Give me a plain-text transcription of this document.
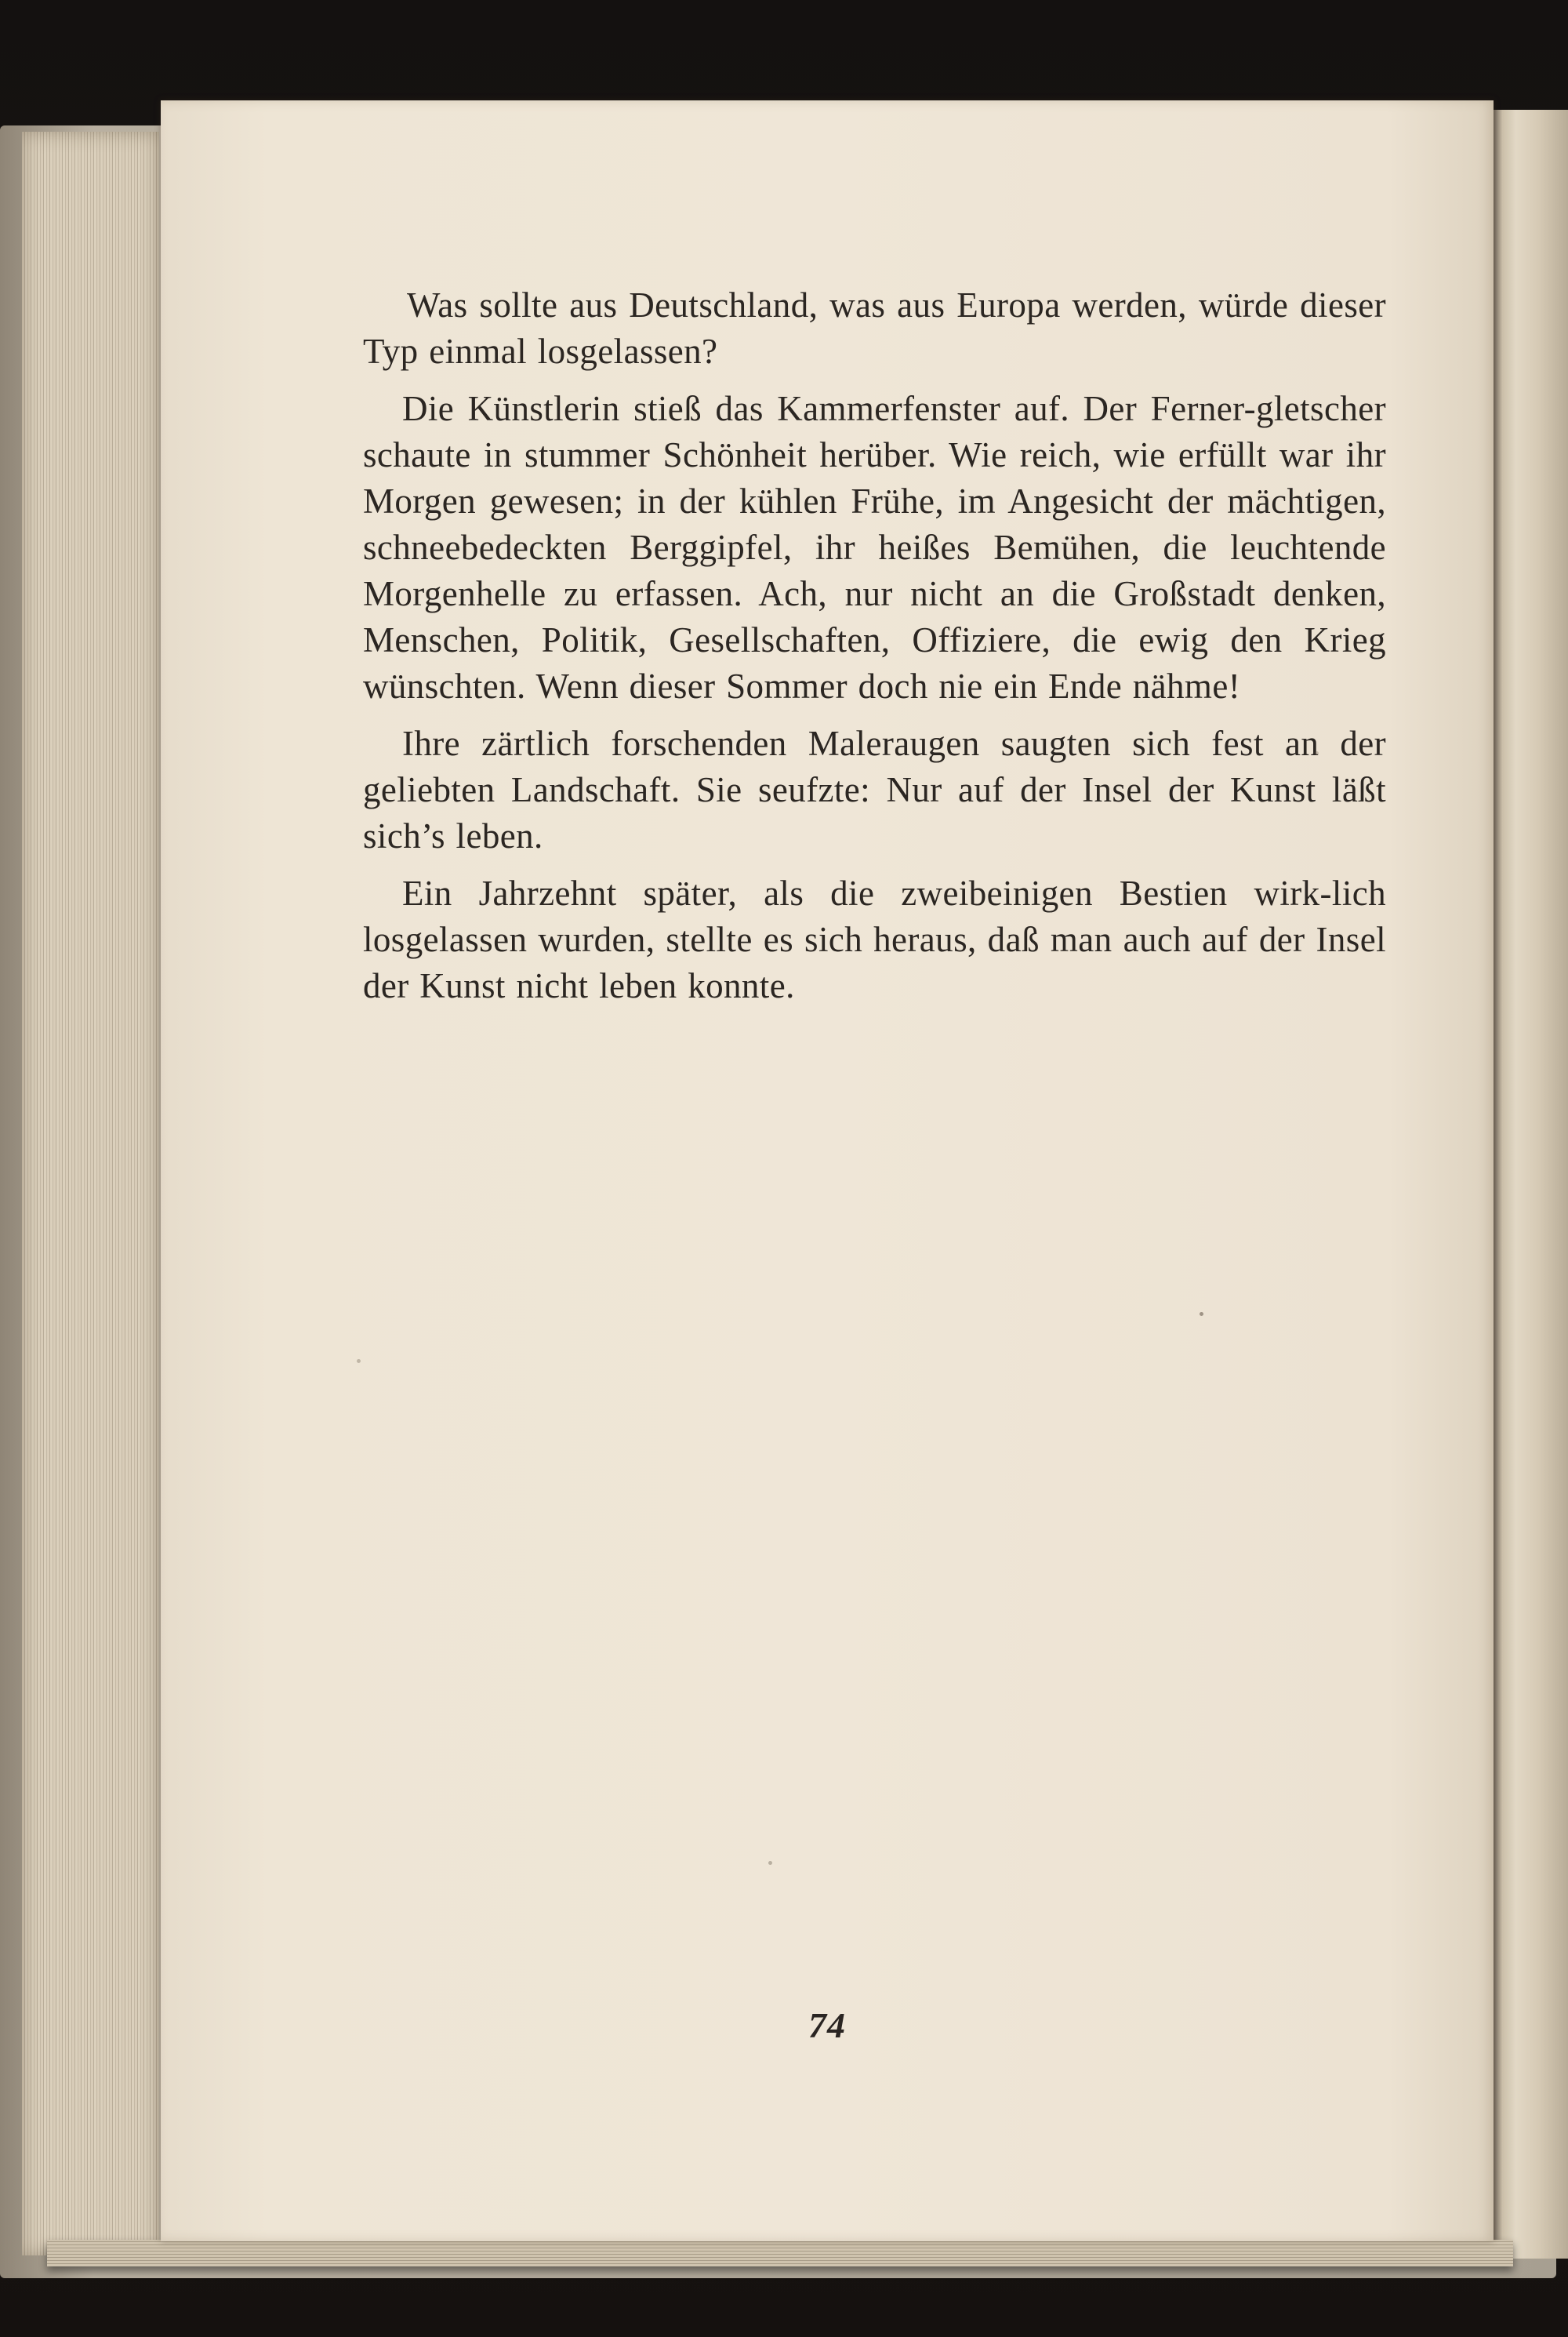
Was sollte aus Deutschland, was aus Europa werden, würde dieser Typ einmal losgelassen?

Die Künstlerin stieß das Kammerfenster auf. Der Ferner-gletscher schaute in stummer Schönheit herüber. Wie reich, wie erfüllt war ihr Morgen gewesen; in der kühlen Frühe, im Angesicht der mächtigen, schneebedeckten Berggipfel, ihr heißes Bemühen, die leuchtende Morgenhelle zu erfassen. Ach, nur nicht an die Großstadt denken, Menschen, Politik, Gesellschaften, Offiziere, die ewig den Krieg wünschten. Wenn dieser Sommer doch nie ein Ende nähme!

Ihre zärtlich forschenden Maleraugen saugten sich fest an der geliebten Landschaft. Sie seufzte: Nur auf der Insel der Kunst läßt sich’s leben.

Ein Jahrzehnt später, als die zweibeinigen Bestien wirk-lich losgelassen wurden, stellte es sich heraus, daß man auch auf der Insel der Kunst nicht leben konnte.

74
